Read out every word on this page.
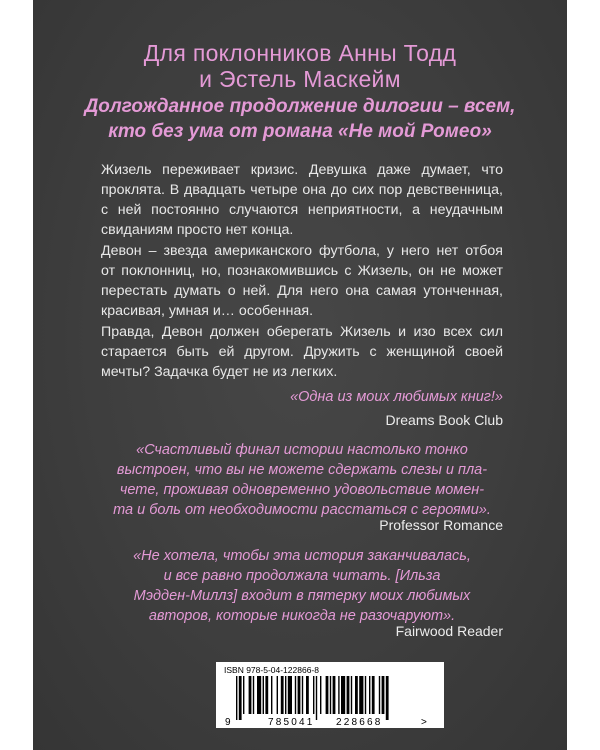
Для поклонников Анны Тодд
и Эстель Маскейм
Долгожданное продолжение дилогии – всем,
кто без ума от романа «Не мой Ромео»
Жизель переживает кризис. Девушка даже думает, что
проклята. В двадцать четыре она до сих пор девственница,
с ней постоянно случаются неприятности, а неудачным
свиданиям просто нет конца.
Девон – звезда американского футбола, у него нет отбоя
от поклонниц, но, познакомившись с Жизель, он не может
перестать думать о ней. Для него она самая утонченная,
красивая, умная и… особенная.
Правда, Девон должен оберегать Жизель и изо всех сил
старается быть ей другом. Дружить с женщиной своей
мечты? Задачка будет не из легких.
«Одна из моих любимых книг!»
Dreams Book Club
«Счастливый финал истории настолько тонко
выстроен, что вы не можете сдержать слезы и пла-
чете, проживая одновременно удовольствие момен-
та и боль от необходимости расстаться с героями».
Professor Romance
«Не хотела, чтобы эта история заканчивалась,
и все равно продолжала читать. [Ильза
Мэдден-Миллз] входит в пятерку моих любимых
авторов, которые никогда не разочаруют».
Fairwood Reader
ISBN 978-5-04-122866-8
9	785041 228668	>
